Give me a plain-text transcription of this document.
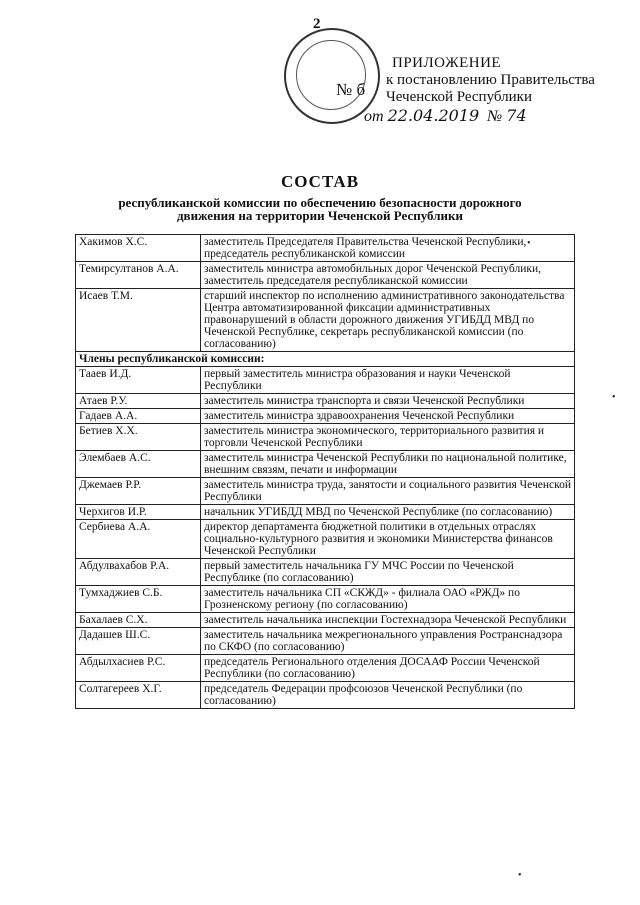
2
№ б
ПРИЛОЖЕНИЕ
к постановлению Правительства
Чеченской Республики
от 22.04.2019 № 74
СОСТАВ
республиканской комиссии по обеспечению безопасности дорожного
движения на территории Чеченской Республики
Хакимов Х.С.	заместитель Председателя Правительства Чеченской Республики, председатель республиканской комиссии
Темирсултанов А.А.	заместитель министра автомобильных дорог Чеченской Республики, заместитель председателя республиканской комиссии
Исаев Т.М.	старший инспектор по исполнению административного законодательства Центра автоматизированной фиксации административных правонарушений в области дорожного движения УГИБДД МВД по Чеченской Республике, секретарь республиканской комиссии (по согласованию)
Члены республиканской комиссии:	
Тааев И.Д.	первый заместитель министра образования и науки Чеченской Республики
Атаев Р.У.	заместитель министра транспорта и связи Чеченской Республики
Гадаев А.А.	заместитель министра здравоохранения Чеченской Республики
Бетиев Х.Х.	заместитель министра экономического, территориального развития и торговли Чеченской Республики
Элембаев А.С.	заместитель министра Чеченской Республики по национальной политике, внешним связям, печати и информации
Джемаев Р.Р.	заместитель министра труда, занятости и социального развития Чеченской Республики
Черхигов И.Р.	начальник УГИБДД МВД по Чеченской Республике (по согласованию)
Сербиева А.А.	директор департамента бюджетной политики в отдельных отраслях социально-культурного развития и экономики Министерства финансов Чеченской Республики
Абдулвахабов Р.А.	первый заместитель начальника ГУ МЧС России по Чеченской Республике (по согласованию)
Тумхаджиев С.Б.	заместитель начальника СП «СКЖД» - филиала ОАО «РЖД» по Грозненскому региону (по согласованию)
Бахалаев С.Х.	заместитель начальника инспекции Гостехнадзора Чеченской Республики
Дадашев Ш.С.	заместитель начальника межрегионального управления Ространснадзора по СКФО (по согласованию)
Абдылхасиев Р.С.	председатель Регионального отделения ДОСААФ России Чеченской Республики (по согласованию)
Солтагереев Х.Г.	председатель Федерации профсоюзов Чеченской Республики (по согласованию)
•
•
•
